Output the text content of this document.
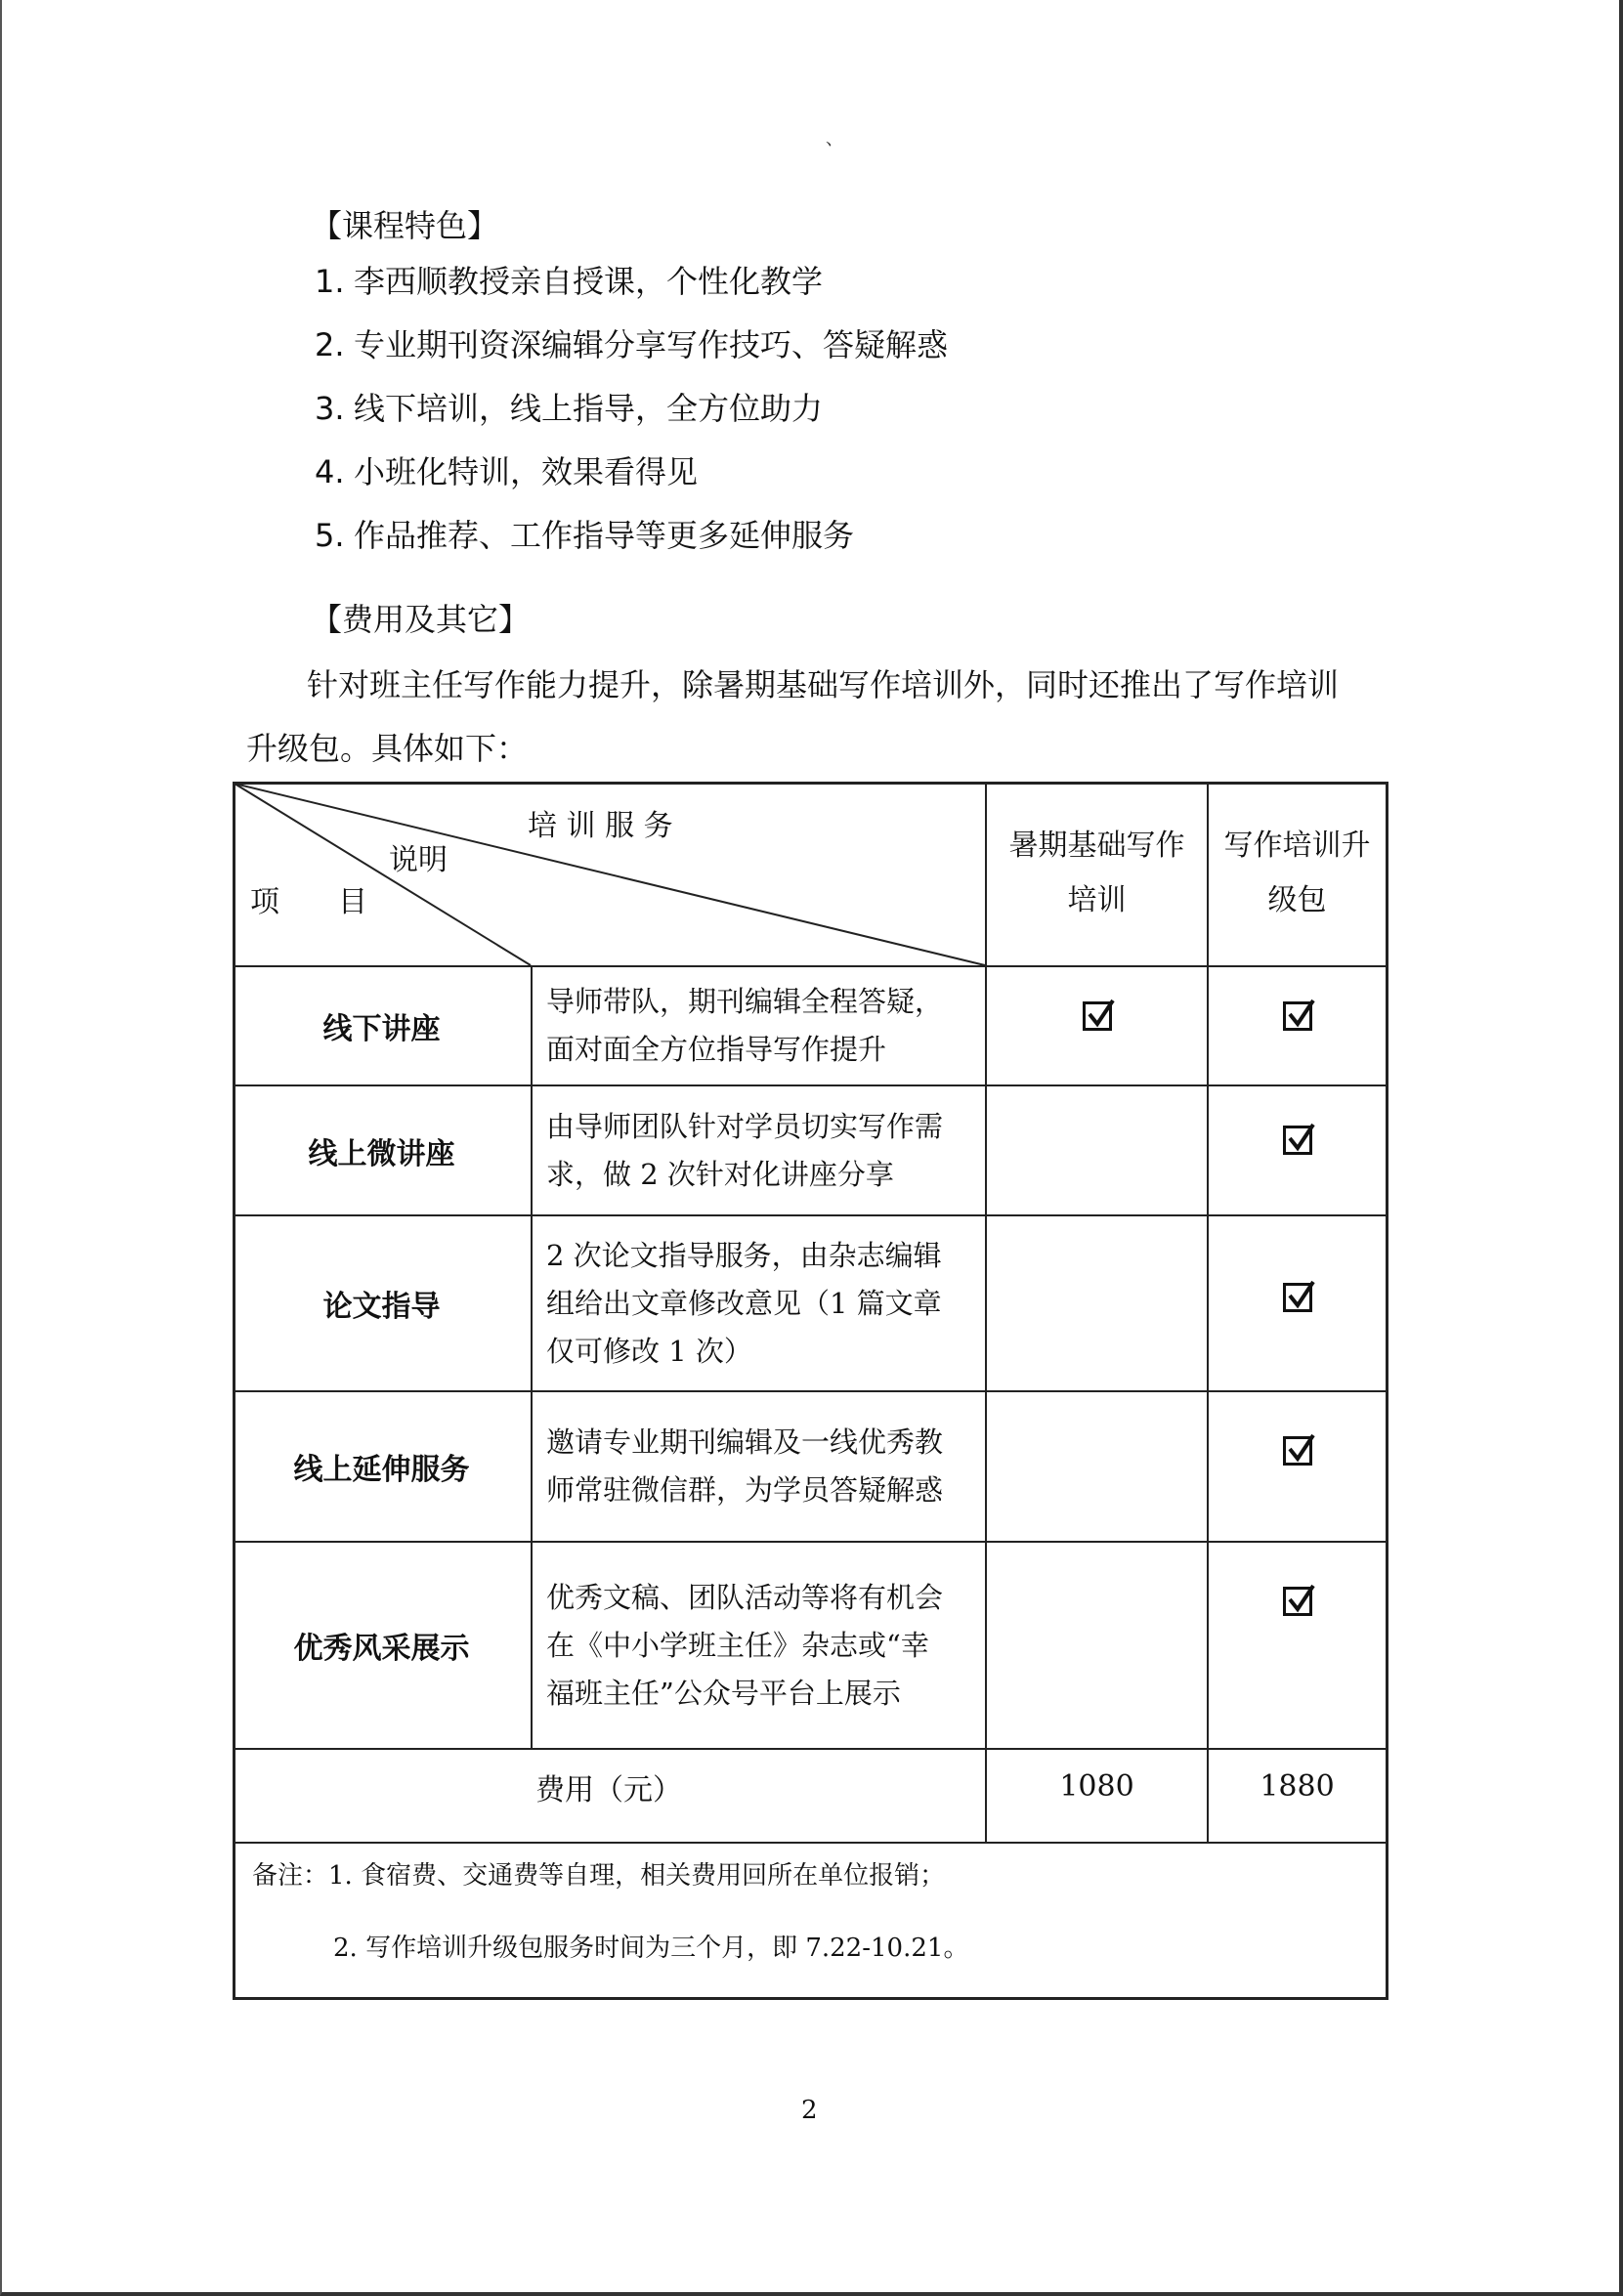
、
【课程特色】
1. 李西顺教授亲自授课，个性化教学
2. 专业期刊资深编辑分享写作技巧、答疑解惑
3. 线下培训，线上指导，全方位助力
4. 小班化特训，效果看得见
5. 作品推荐、工作指导等更多延伸服务
【费用及其它】

针对班主任写作能力提升，除暑期基础写作培训外，同时还推出了写作培训

升级包。具体如下：

培 训 服 务
说明
项　　目
暑期基础写作
培训
写作培训升
级包
线下讲座
导师带队，期刊编辑全程答疑，
面对面全方位指导写作提升
线上微讲座
由导师团队针对学员切实写作需
求，做 2 次针对化讲座分享
论文指导
2 次论文指导服务，由杂志编辑
组给出文章修改意见（1 篇文章
仅可修改 1 次）
线上延伸服务
邀请专业期刊编辑及一线优秀教
师常驻微信群，为学员答疑解惑
优秀风采展示
优秀文稿、团队活动等将有机会
在《中小学班主任》杂志或“幸
福班主任”公众号平台上展示
费用（元）	1080	1880
备注：1. 食宿费、交通费等自理，相关费用回所在单位报销；
2. 写作培训升级包服务时间为三个月，即 7.22-10.21。
2
